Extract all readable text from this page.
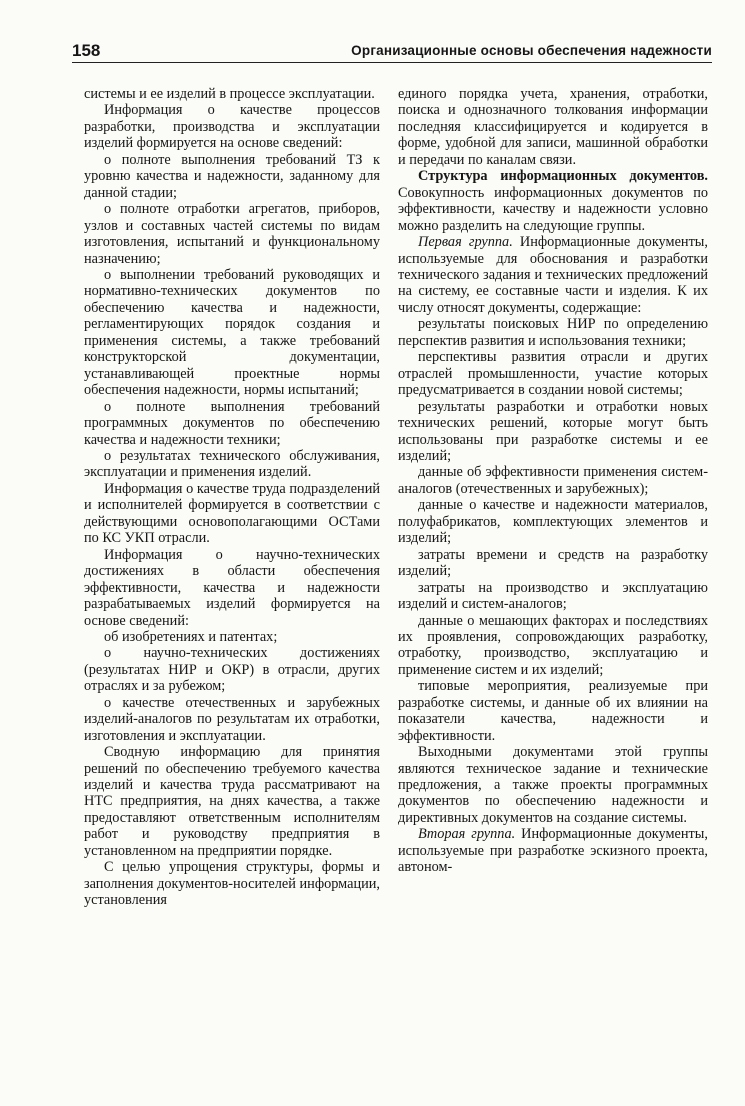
158	Организационные основы обеспечения надежности

системы и ее изделий в процессе эксплуатации.

Информация о качестве процессов разработки, производства и эксплуатации изделий формируется на основе сведений:

о полноте выполнения требований ТЗ к уровню качества и надежности, заданному для данной стадии;

о полноте отработки агрегатов, приборов, узлов и составных частей системы по видам изготовления, испытаний и функциональному назначению;

о выполнении требований руководящих и нормативно-технических документов по обеспечению качества и надежности, регламентирующих порядок создания и применения системы, а также требований конструкторской документации, устанавливающей проектные нормы обеспечения надежности, нормы испытаний;

о полноте выполнения требований программных документов по обеспечению качества и надежности техники;

о результатах технического обслуживания, эксплуатации и применения изделий.

Информация о качестве труда подразделений и исполнителей формируется в соответствии с действующими основополагающими ОСТами по КС УКП отрасли.

Информация о научно-технических достижениях в области обеспечения эффективности, качества и надежности разрабатываемых изделий формируется на основе сведений:

об изобретениях и патентах;

о научно-технических достижениях (результатах НИР и ОКР) в отрасли, других отраслях и за рубежом;

о качестве отечественных и зарубежных изделий-аналогов по результатам их отработки, изготовления и эксплуатации.

Сводную информацию для принятия решений по обеспечению требуемого качества изделий и качества труда рассматривают на НТС предприятия, на днях качества, а также предоставляют ответственным исполнителям работ и руководству предприятия в установленном на предприятии порядке.

С целью упрощения структуры, формы и заполнения документов-носителей информации, установления

единого порядка учета, хранения, отработки, поиска и однозначного толкования информации последняя классифицируется и кодируется в форме, удобной для записи, машинной обработки и передачи по каналам связи.

Структура информационных документов. Совокупность информационных документов по эффективности, качеству и надежности условно можно разделить на следующие группы.

Первая группа. Информационные документы, используемые для обоснования и разработки технического задания и технических предложений на систему, ее составные части и изделия. К их числу относят документы, содержащие:

результаты поисковых НИР по определению перспектив развития и использования техники;

перспективы развития отрасли и других отраслей промышленности, участие которых предусматривается в создании новой системы;

результаты разработки и отработки новых технических решений, которые могут быть использованы при разработке системы и ее изделий;

данные об эффективности применения систем-аналогов (отечественных и зарубежных);

данные о качестве и надежности материалов, полуфабрикатов, комплектующих элементов и изделий;

затраты времени и средств на разработку изделий;

затраты на производство и эксплуатацию изделий и систем-аналогов;

данные о мешающих факторах и последствиях их проявления, сопровождающих разработку, отработку, производство, эксплуатацию и применение систем и их изделий;

типовые мероприятия, реализуемые при разработке системы, и данные об их влиянии на показатели качества, надежности и эффективности.

Выходными документами этой группы являются техническое задание и технические предложения, а также проекты программных документов по обеспечению надежности и директивных документов на создание системы.

Вторая группа. Информационные документы, используемые при разработке эскизного проекта, автоном-
